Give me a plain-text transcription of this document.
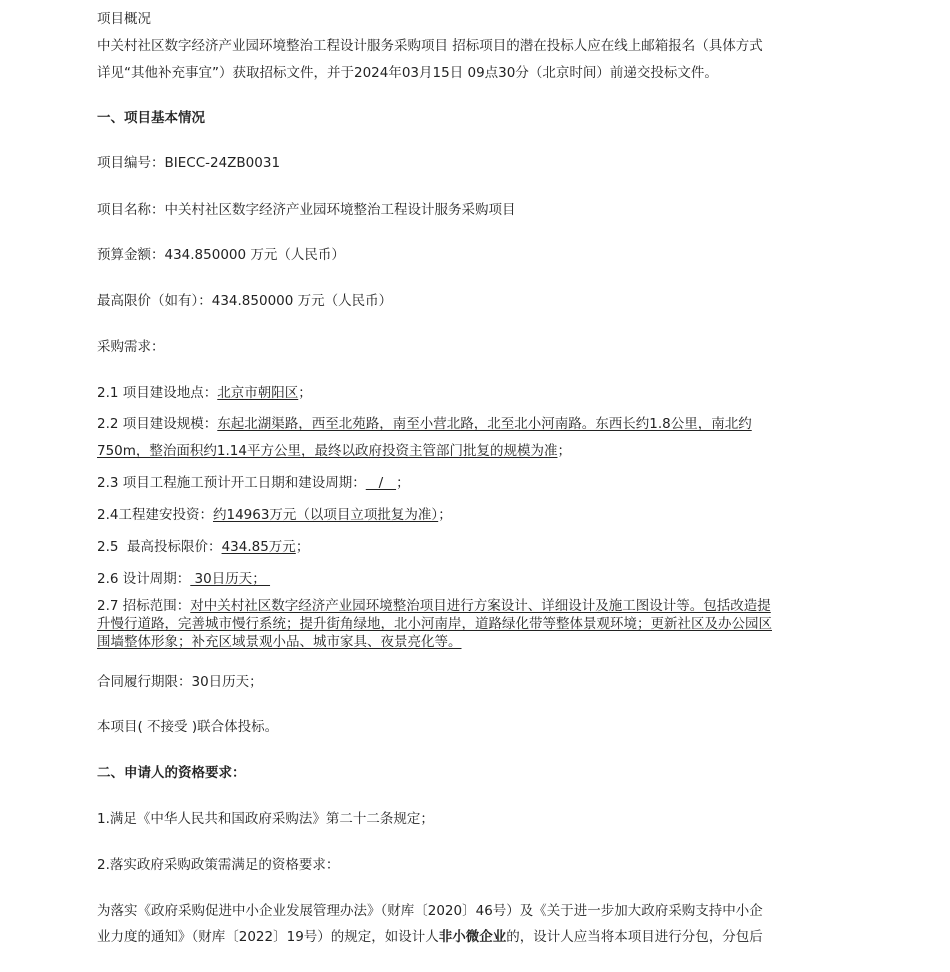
项目概况
中关村社区数字经济产业园环境整治工程设计服务采购项目 招标项目的潜在投标人应在线上邮箱报名（具体方式
详见“其他补充事宜”）获取招标文件，并于2024年03月15日 09点30分（北京时间）前递交投标文件。
一、项目基本情况
项目编号：BIECC-24ZB0031
项目名称：中关村社区数字经济产业园环境整治工程设计服务采购项目
预算金额：434.850000 万元（人民币）
最高限价（如有）：434.850000 万元（人民币）
采购需求：
2.1 项目建设地点：北京市朝阳区；
2.2 项目建设规模：东起北湖渠路，西至北苑路，南至小营北路，北至北小河南路。东西长约1.8公里，南北约
750m，整治面积约1.14平方公里，最终以政府投资主管部门批复的规模为准；
2.3 项目工程施工预计开工日期和建设周期：   /   ；
2.4工程建安投资：约14963万元（以项目立项批复为准）；
2.5  最高投标限价：434.85万元；
2.6 设计周期： 30日历天；
2.7 招标范围：对中关村社区数字经济产业园环境整治项目进行方案设计、详细设计及施工图设计等。包括改造提
升慢行道路，完善城市慢行系统；提升街角绿地，北小河南岸，道路绿化带等整体景观环境；更新社区及办公园区
围墙整体形象；补充区域景观小品、城市家具、夜景亮化等。
合同履行期限：30日历天；
本项目( 不接受 )联合体投标。
二、申请人的资格要求：
1.满足《中华人民共和国政府采购法》第二十二条规定；
2.落实政府采购政策需满足的资格要求：
为落实《政府采购促进中小企业发展管理办法》（财库〔2020〕46号）及《关于进一步加大政府采购支持中小企
业力度的通知》（财库〔2022〕19号）的规定，如设计人非小微企业的，设计人应当将本项目进行分包，分包后
